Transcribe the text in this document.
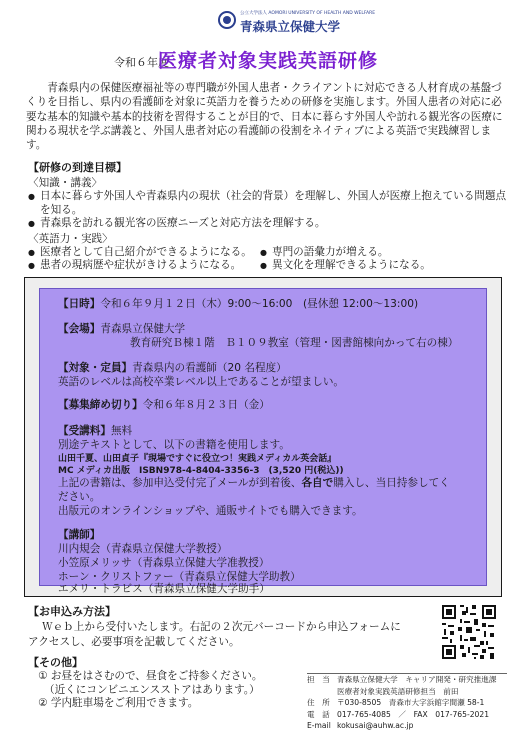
公立大学法人 AOMORI UNIVERSITY OF HEALTH AND WELFARE
青森県立保健大学
令和６年度
医療者対象実践英語研修
青森県内の保健医療福祉等の専門職が外国人患者・クライアントに対応できる人材育成の基盤づくりを目指し、県内の看護師を対象に英語力を養うための研修を実施します。外国人患者の対応に必要な基本的知識や基本的技術を習得することが目的で、日本に暮らす外国人や訪れる観光客の医療に関わる現状を学ぶ講義と、外国人患者対応の看護師の役割をネイティブによる英語で実践練習します。
【研修の到達目標】
〈知識・講義〉
● 日本に暮らす外国人や青森県内の現状（社会的背景）を理解し、外国人が医療上抱えている問題点を知る。
● 青森県を訪れる観光客の医療ニーズと対応方法を理解する。
〈英語力・実践〉
● 医療者として自己紹介ができるようになる。
● 患者の現病歴や症状がきけるようになる。
● 専門の語彙力が増える。
● 異文化を理解できるようになる。
【日時】令和６年９月１２日（木）9:00～16:00　(昼休憩 12:00～13:00)
【会場】青森県立保健大学
教育研究Ｂ棟１階　Ｂ１０９教室（管理・図書館棟向かって右の棟）
【対象・定員】青森県内の看護師（20 名程度）
英語のレベルは高校卒業レベル以上であることが望ましい。
【募集締め切り】令和６年８月２３日（金）
【受講料】無料
別途テキストとして、以下の書籍を使用します。
山田千夏、山田貞子『現場ですぐに役立つ！実践メディカル英会話』
MC メディカ出版　ISBN978-4-8404-3356-3　(3,520 円(税込))
上記の書籍は、参加申込受付完了メールが到着後、各自で購入し、当日持参してく
ださい。
出版元のオンラインショップや、通販サイトでも購入できます。
【講師】
川内規会（青森県立保健大学教授）
小笠原メリッサ（青森県立保健大学准教授）
ホーン・クリストファー（青森県立保健大学助教）
エメリ・トラビス（青森県立保健大学助手）
【お申込み方法】
Ｗｅｂ上から受付いたします。右記の２次元バーコードから申込フォームに
アクセスし、必要事項を記載してください。
【その他】
① お昼をはさむので、昼食をご持参ください。
（近くにコンビニエンスストアはあります。）
② 学内駐車場をご利用できます。
担　当 青森県立保健大学　キャリア開発・研究推進課
医療者対象実践英語研修担当　前田
住　所 〒030-8505　青森市大字浜館字間瀬 58-1
電　話 017-765-4085　／　FAX　017-765-2021
E-mail kokusai@auhw.ac.jp
